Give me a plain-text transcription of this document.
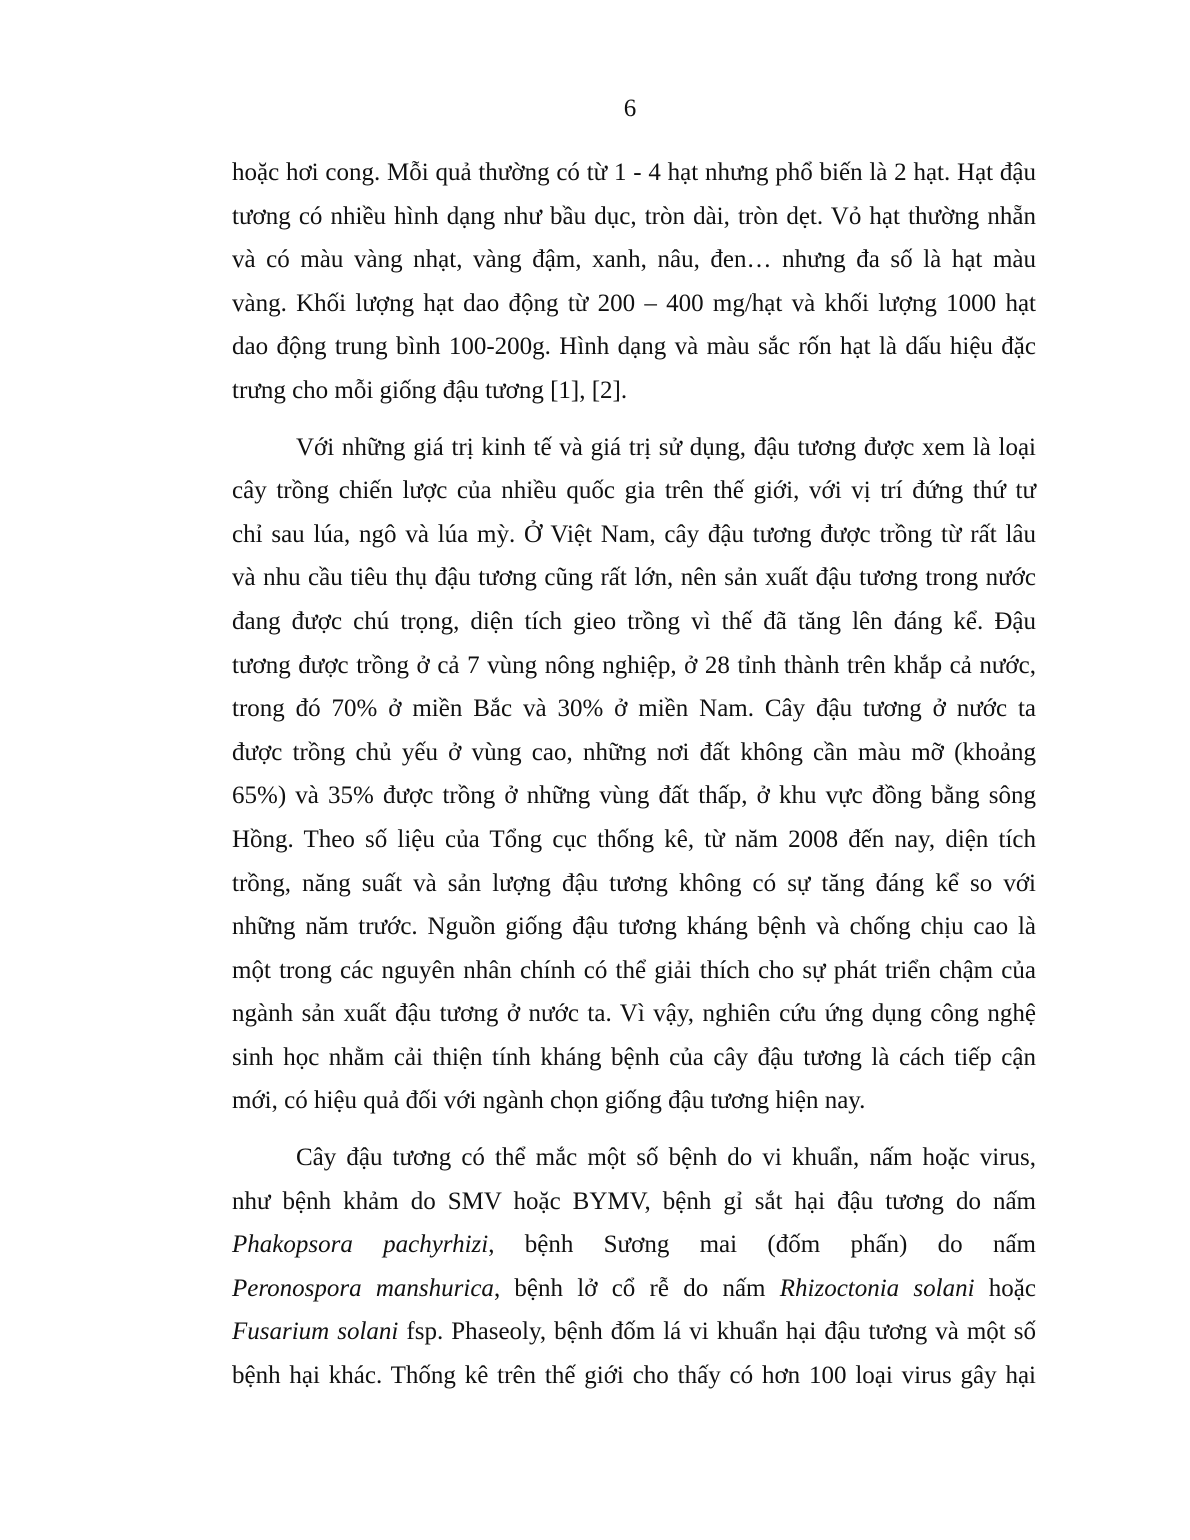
6
hoặc hơi cong. Mỗi quả thường có từ 1 - 4 hạt nhưng phổ biến là 2 hạt. Hạt đậu
tương có nhiều hình dạng như bầu dục, tròn dài, tròn dẹt. Vỏ hạt thường nhẵn
và có màu vàng nhạt, vàng đậm, xanh, nâu, đen… nhưng đa số là hạt màu
vàng. Khối lượng hạt dao động từ 200 – 400 mg/hạt và khối lượng 1000 hạt
dao động trung bình 100-200g. Hình dạng và màu sắc rốn hạt là dấu hiệu đặc
trưng cho mỗi giống đậu tương [1], [2].
Với những giá trị kinh tế và giá trị sử dụng, đậu tương được xem là loại
cây trồng chiến lược của nhiều quốc gia trên thế giới, với vị trí đứng thứ tư
chỉ sau lúa, ngô và lúa mỳ. Ở Việt Nam, cây đậu tương được trồng từ rất lâu
và nhu cầu tiêu thụ đậu tương cũng rất lớn, nên sản xuất đậu tương trong nước
đang được chú trọng, diện tích gieo trồng vì thế đã tăng lên đáng kể. Đậu
tương được trồng ở cả 7 vùng nông nghiệp, ở 28 tỉnh thành trên khắp cả nước,
trong đó 70% ở miền Bắc và 30% ở miền Nam. Cây đậu tương ở nước ta
được trồng chủ yếu ở vùng cao, những nơi đất không cần màu mỡ (khoảng
65%) và 35% được trồng ở những vùng đất thấp, ở khu vực đồng bằng sông
Hồng. Theo số liệu của Tổng cục thống kê, từ năm 2008 đến nay, diện tích
trồng, năng suất và sản lượng đậu tương không có sự tăng đáng kể so với
những năm trước. Nguồn giống đậu tương kháng bệnh và chống chịu cao là
một trong các nguyên nhân chính có thể giải thích cho sự phát triển chậm của
ngành sản xuất đậu tương ở nước ta. Vì vậy, nghiên cứu ứng dụng công nghệ
sinh học nhằm cải thiện tính kháng bệnh của cây đậu tương là cách tiếp cận
mới, có hiệu quả đối với ngành chọn giống đậu tương hiện nay.
Cây đậu tương có thể mắc một số bệnh do vi khuẩn, nấm hoặc virus,
như bệnh khảm do SMV hoặc BYMV, bệnh gỉ sắt hại đậu tương do nấm
Phakopsora pachyrhizi, bệnh Sương mai (đốm phấn) do nấm
Peronospora manshurica, bệnh lở cổ rễ do nấm Rhizoctonia solani hoặc
Fusarium solani fsp. Phaseoly, bệnh đốm lá vi khuẩn hại đậu tương và một số
bệnh hại khác. Thống kê trên thế giới cho thấy có hơn 100 loại virus gây hại
